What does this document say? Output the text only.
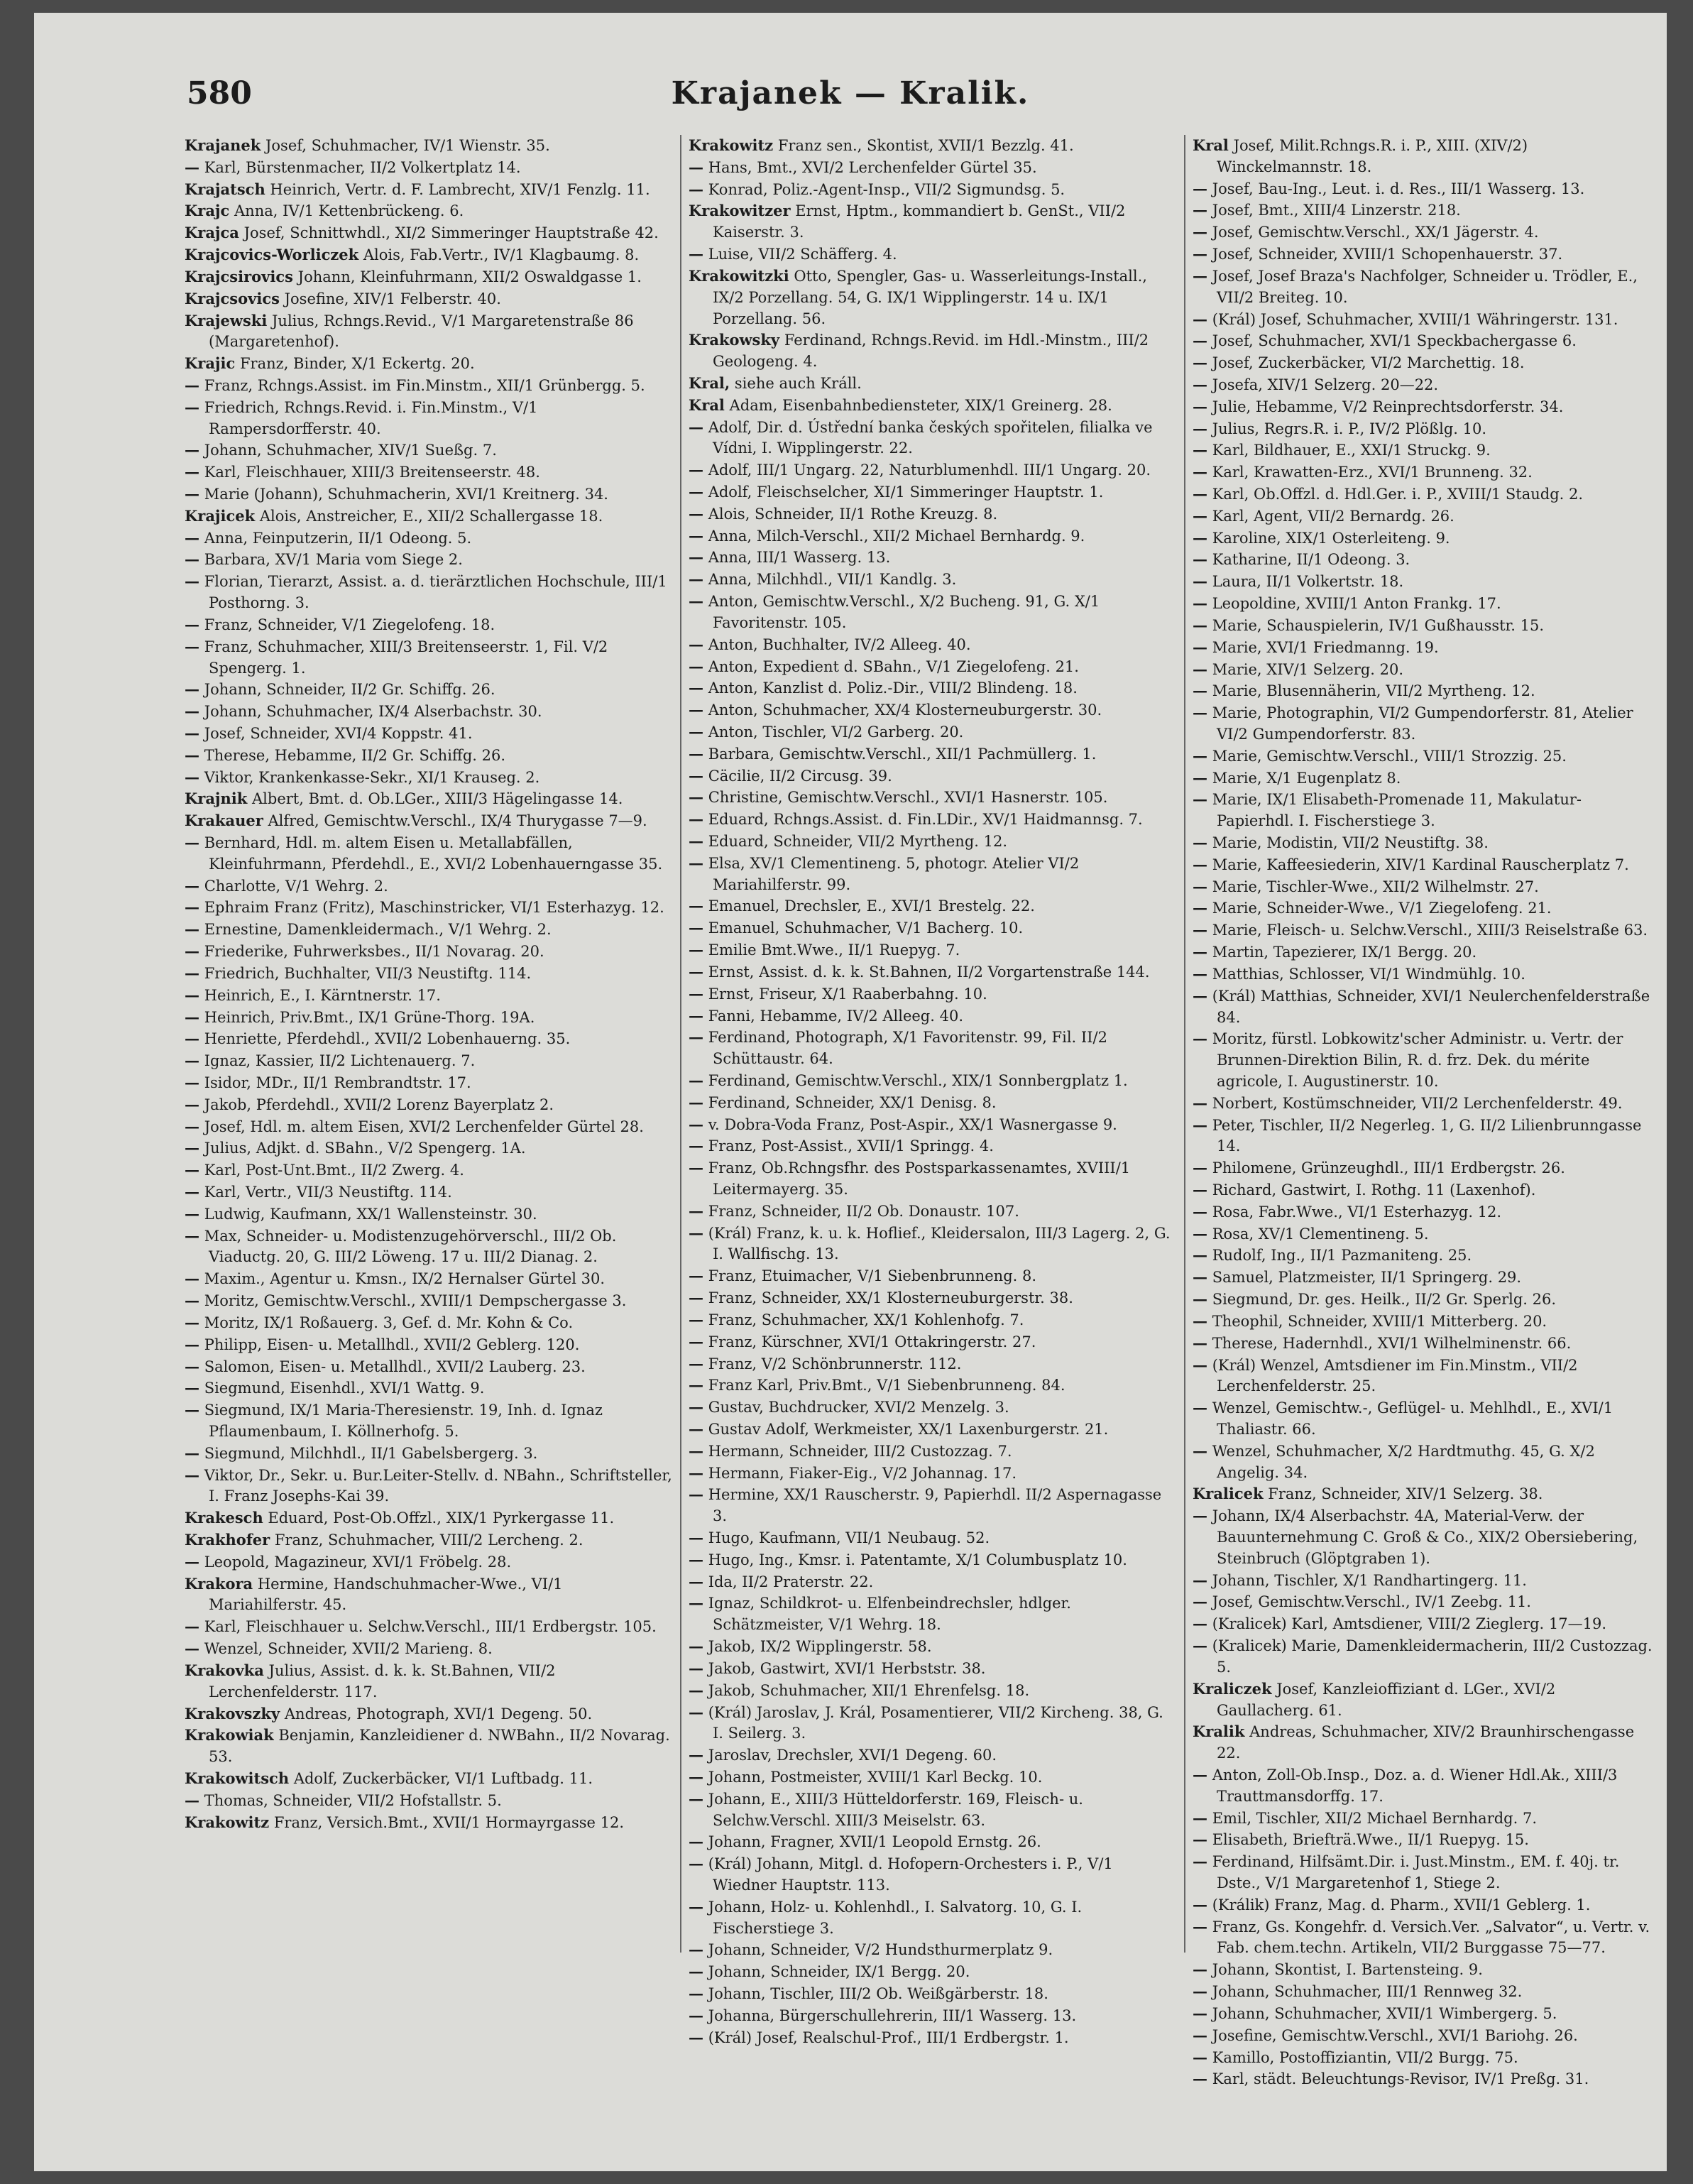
580	Krajanek — Kralik.
Krajanek Josef, Schuhmacher, IV/1 Wienstr. 35.
— Karl, Bürstenmacher, II/2 Volkertplatz 14.
Krajatsch Heinrich, Vertr. d. F. Lambrecht, XIV/1 Fenzlg. 11.
Krajc Anna, IV/1 Kettenbrückeng. 6.
Krajca Josef, Schnittwhdl., XI/2 Simmeringer Hauptstraße 42.
Krajcovics-Worliczek Alois, Fab.Vertr., IV/1 Klagbaumg. 8.
Krajcsirovics Johann, Kleinfuhrmann, XII/2 Oswaldgasse 1.
Krajcsovics Josefine, XIV/1 Felberstr. 40.
Krajewski Julius, Rchngs.Revid., V/1 Margaretenstraße 86 (Margaretenhof).
Krajic Franz, Binder, X/1 Eckertg. 20.
— Franz, Rchngs.Assist. im Fin.Minstm., XII/1 Grünbergg. 5.
— Friedrich, Rchngs.Revid. i. Fin.Minstm., V/1 Rampersdorfferstr. 40.
— Johann, Schuhmacher, XIV/1 Sueßg. 7.
— Karl, Fleischhauer, XIII/3 Breitenseerstr. 48.
— Marie (Johann), Schuhmacherin, XVI/1 Kreitnerg. 34.
Krajicek Alois, Anstreicher, E., XII/2 Schallergasse 18.
— Anna, Feinputzerin, II/1 Odeong. 5.
— Barbara, XV/1 Maria vom Siege 2.
— Florian, Tierarzt, Assist. a. d. tierärztlichen Hochschule, III/1 Posthorng. 3.
— Franz, Schneider, V/1 Ziegelofeng. 18.
— Franz, Schuhmacher, XIII/3 Breitenseerstr. 1, Fil. V/2 Spengerg. 1.
— Johann, Schneider, II/2 Gr. Schiffg. 26.
— Johann, Schuhmacher, IX/4 Alserbachstr. 30.
— Josef, Schneider, XVI/4 Koppstr. 41.
— Therese, Hebamme, II/2 Gr. Schiffg. 26.
— Viktor, Krankenkasse-Sekr., XI/1 Krauseg. 2.
Krajnik Albert, Bmt. d. Ob.LGer., XIII/3 Hägelingasse 14.
Krakauer Alfred, Gemischtw.Verschl., IX/4 Thurygasse 7—9.
— Bernhard, Hdl. m. altem Eisen u. Metallabfällen, Kleinfuhrmann, Pferdehdl., E., XVI/2 Lobenhauerngasse 35.
— Charlotte, V/1 Wehrg. 2.
— Ephraim Franz (Fritz), Maschinstricker, VI/1 Esterhazyg. 12.
— Ernestine, Damenkleidermach., V/1 Wehrg. 2.
— Friederike, Fuhrwerksbes., II/1 Novarag. 20.
— Friedrich, Buchhalter, VII/3 Neustiftg. 114.
— Heinrich, E., I. Kärntnerstr. 17.
— Heinrich, Priv.Bmt., IX/1 Grüne-Thorg. 19A.
— Henriette, Pferdehdl., XVII/2 Lobenhauerng. 35.
— Ignaz, Kassier, II/2 Lichtenauerg. 7.
— Isidor, MDr., II/1 Rembrandtstr. 17.
— Jakob, Pferdehdl., XVII/2 Lorenz Bayerplatz 2.
— Josef, Hdl. m. altem Eisen, XVI/2 Lerchenfelder Gürtel 28.
— Julius, Adjkt. d. SBahn., V/2 Spengerg. 1A.
— Karl, Post-Unt.Bmt., II/2 Zwerg. 4.
— Karl, Vertr., VII/3 Neustiftg. 114.
— Ludwig, Kaufmann, XX/1 Wallensteinstr. 30.
— Max, Schneider- u. Modistenzugehörverschl., III/2 Ob. Viaductg. 20, G. III/2 Löweng. 17 u. III/2 Dianag. 2.
— Maxim., Agentur u. Kmsn., IX/2 Hernalser Gürtel 30.
— Moritz, Gemischtw.Verschl., XVIII/1 Dempschergasse 3.
— Moritz, IX/1 Roßauerg. 3, Gef. d. Mr. Kohn & Co.
— Philipp, Eisen- u. Metallhdl., XVII/2 Geblerg. 120.
— Salomon, Eisen- u. Metallhdl., XVII/2 Lauberg. 23.
— Siegmund, Eisenhdl., XVI/1 Wattg. 9.
— Siegmund, IX/1 Maria-Theresienstr. 19, Inh. d. Ignaz Pflaumenbaum, I. Köllnerhofg. 5.
— Siegmund, Milchhdl., II/1 Gabelsbergerg. 3.
— Viktor, Dr., Sekr. u. Bur.Leiter-Stellv. d. NBahn., Schriftsteller, I. Franz Josephs-Kai 39.
Krakesch Eduard, Post-Ob.Offzl., XIX/1 Pyrkergasse 11.
Krakhofer Franz, Schuhmacher, VIII/2 Lercheng. 2.
— Leopold, Magazineur, XVI/1 Fröbelg. 28.
Krakora Hermine, Handschuhmacher-Wwe., VI/1 Mariahilferstr. 45.
— Karl, Fleischhauer u. Selchw.Verschl., III/1 Erdbergstr. 105.
— Wenzel, Schneider, XVII/2 Marieng. 8.
Krakovka Julius, Assist. d. k. k. St.Bahnen, VII/2 Lerchenfelderstr. 117.
Krakovszky Andreas, Photograph, XVI/1 Degeng. 50.
Krakowiak Benjamin, Kanzleidiener d. NWBahn., II/2 Novarag. 53.
Krakowitsch Adolf, Zuckerbäcker, VI/1 Luftbadg. 11.
— Thomas, Schneider, VII/2 Hofstallstr. 5.
Krakowitz Franz, Versich.Bmt., XVII/1 Hormayrgasse 12.
Krakowitz Franz sen., Skontist, XVII/1 Bezzlg. 41.
— Hans, Bmt., XVI/2 Lerchenfelder Gürtel 35.
— Konrad, Poliz.-Agent-Insp., VII/2 Sigmundsg. 5.
Krakowitzer Ernst, Hptm., kommandiert b. GenSt., VII/2 Kaiserstr. 3.
— Luise, VII/2 Schäfferg. 4.
Krakowitzki Otto, Spengler, Gas- u. Wasserleitungs-Install., IX/2 Porzellang. 54, G. IX/1 Wipplingerstr. 14 u. IX/1 Porzellang. 56.
Krakowsky Ferdinand, Rchngs.Revid. im Hdl.-Minstm., III/2 Geologeng. 4.
Kral, siehe auch Králl.
Kral Adam, Eisenbahnbediensteter, XIX/1 Greinerg. 28.
— Adolf, Dir. d. Ústřední banka českých spořitelen, filialka ve Vídni, I. Wipplingerstr. 22.
— Adolf, III/1 Ungarg. 22, Naturblumenhdl. III/1 Ungarg. 20.
— Adolf, Fleischselcher, XI/1 Simmeringer Hauptstr. 1.
— Alois, Schneider, II/1 Rothe Kreuzg. 8.
— Anna, Milch-Verschl., XII/2 Michael Bernhardg. 9.
— Anna, III/1 Wasserg. 13.
— Anna, Milchhdl., VII/1 Kandlg. 3.
— Anton, Gemischtw.Verschl., X/2 Bucheng. 91, G. X/1 Favoritenstr. 105.
— Anton, Buchhalter, IV/2 Alleeg. 40.
— Anton, Expedient d. SBahn., V/1 Ziegelofeng. 21.
— Anton, Kanzlist d. Poliz.-Dir., VIII/2 Blindeng. 18.
— Anton, Schuhmacher, XX/4 Klosterneuburgerstr. 30.
— Anton, Tischler, VI/2 Garberg. 20.
— Barbara, Gemischtw.Verschl., XII/1 Pachmüllerg. 1.
— Cäcilie, II/2 Circusg. 39.
— Christine, Gemischtw.Verschl., XVI/1 Hasnerstr. 105.
— Eduard, Rchngs.Assist. d. Fin.LDir., XV/1 Haidmannsg. 7.
— Eduard, Schneider, VII/2 Myrtheng. 12.
— Elsa, XV/1 Clementineng. 5, photogr. Atelier VI/2 Mariahilferstr. 99.
— Emanuel, Drechsler, E., XVI/1 Brestelg. 22.
— Emanuel, Schuhmacher, V/1 Bacherg. 10.
— Emilie Bmt.Wwe., II/1 Ruepyg. 7.
— Ernst, Assist. d. k. k. St.Bahnen, II/2 Vorgartenstraße 144.
— Ernst, Friseur, X/1 Raaberbahng. 10.
— Fanni, Hebamme, IV/2 Alleeg. 40.
— Ferdinand, Photograph, X/1 Favoritenstr. 99, Fil. II/2 Schüttaustr. 64.
— Ferdinand, Gemischtw.Verschl., XIX/1 Sonnbergplatz 1.
— Ferdinand, Schneider, XX/1 Denisg. 8.
— v. Dobra-Voda Franz, Post-Aspir., XX/1 Wasnergasse 9.
— Franz, Post-Assist., XVII/1 Springg. 4.
— Franz, Ob.Rchngsfhr. des Postsparkassenamtes, XVIII/1 Leitermayerg. 35.
— Franz, Schneider, II/2 Ob. Donaustr. 107.
— (Král) Franz, k. u. k. Hoflief., Kleidersalon, III/3 Lagerg. 2, G. I. Wallfischg. 13.
— Franz, Etuimacher, V/1 Siebenbrunneng. 8.
— Franz, Schneider, XX/1 Klosterneuburgerstr. 38.
— Franz, Schuhmacher, XX/1 Kohlenhofg. 7.
— Franz, Kürschner, XVI/1 Ottakringerstr. 27.
— Franz, V/2 Schönbrunnerstr. 112.
— Franz Karl, Priv.Bmt., V/1 Siebenbrunneng. 84.
— Gustav, Buchdrucker, XVI/2 Menzelg. 3.
— Gustav Adolf, Werkmeister, XX/1 Laxenburgerstr. 21.
— Hermann, Schneider, III/2 Custozzag. 7.
— Hermann, Fiaker-Eig., V/2 Johannag. 17.
— Hermine, XX/1 Rauscherstr. 9, Papierhdl. II/2 Aspernagasse 3.
— Hugo, Kaufmann, VII/1 Neubaug. 52.
— Hugo, Ing., Kmsr. i. Patentamte, X/1 Columbusplatz 10.
— Ida, II/2 Praterstr. 22.
— Ignaz, Schildkrot- u. Elfenbeindrechsler, hdlger. Schätzmeister, V/1 Wehrg. 18.
— Jakob, IX/2 Wipplingerstr. 58.
— Jakob, Gastwirt, XVI/1 Herbststr. 38.
— Jakob, Schuhmacher, XII/1 Ehrenfelsg. 18.
— (Král) Jaroslav, J. Král, Posamentierer, VII/2 Kircheng. 38, G. I. Seilerg. 3.
— Jaroslav, Drechsler, XVI/1 Degeng. 60.
— Johann, Postmeister, XVIII/1 Karl Beckg. 10.
— Johann, E., XIII/3 Hütteldorferstr. 169, Fleisch- u. Selchw.Verschl. XIII/3 Meiselstr. 63.
— Johann, Fragner, XVII/1 Leopold Ernstg. 26.
— (Král) Johann, Mitgl. d. Hofopern-Orchesters i. P., V/1 Wiedner Hauptstr. 113.
— Johann, Holz- u. Kohlenhdl., I. Salvatorg. 10, G. I. Fischerstiege 3.
— Johann, Schneider, V/2 Hundsthurmerplatz 9.
— Johann, Schneider, IX/1 Bergg. 20.
— Johann, Tischler, III/2 Ob. Weißgärberstr. 18.
— Johanna, Bürgerschullehrerin, III/1 Wasserg. 13.
— (Král) Josef, Realschul-Prof., III/1 Erdbergstr. 1.
Kral Josef, Milit.Rchngs.R. i. P., XIII. (XIV/2) Winckelmannstr. 18.
— Josef, Bau-Ing., Leut. i. d. Res., III/1 Wasserg. 13.
— Josef, Bmt., XIII/4 Linzerstr. 218.
— Josef, Gemischtw.Verschl., XX/1 Jägerstr. 4.
— Josef, Schneider, XVIII/1 Schopenhauerstr. 37.
— Josef, Josef Braza's Nachfolger, Schneider u. Trödler, E., VII/2 Breiteg. 10.
— (Král) Josef, Schuhmacher, XVIII/1 Währingerstr. 131.
— Josef, Schuhmacher, XVI/1 Speckbachergasse 6.
— Josef, Zuckerbäcker, VI/2 Marchettig. 18.
— Josefa, XIV/1 Selzerg. 20—22.
— Julie, Hebamme, V/2 Reinprechtsdorferstr. 34.
— Julius, Regrs.R. i. P., IV/2 Plößlg. 10.
— Karl, Bildhauer, E., XXI/1 Struckg. 9.
— Karl, Krawatten-Erz., XVI/1 Brunneng. 32.
— Karl, Ob.Offzl. d. Hdl.Ger. i. P., XVIII/1 Staudg. 2.
— Karl, Agent, VII/2 Bernardg. 26.
— Karoline, XIX/1 Osterleiteng. 9.
— Katharine, II/1 Odeong. 3.
— Laura, II/1 Volkertstr. 18.
— Leopoldine, XVIII/1 Anton Frankg. 17.
— Marie, Schauspielerin, IV/1 Gußhausstr. 15.
— Marie, XVI/1 Friedmanng. 19.
— Marie, XIV/1 Selzerg. 20.
— Marie, Blusennäherin, VII/2 Myrtheng. 12.
— Marie, Photographin, VI/2 Gumpendorferstr. 81, Atelier VI/2 Gumpendorferstr. 83.
— Marie, Gemischtw.Verschl., VIII/1 Strozzig. 25.
— Marie, X/1 Eugenplatz 8.
— Marie, IX/1 Elisabeth-Promenade 11, Makulatur-Papierhdl. I. Fischerstiege 3.
— Marie, Modistin, VII/2 Neustiftg. 38.
— Marie, Kaffeesiederin, XIV/1 Kardinal Rauscherplatz 7.
— Marie, Tischler-Wwe., XII/2 Wilhelmstr. 27.
— Marie, Schneider-Wwe., V/1 Ziegelofeng. 21.
— Marie, Fleisch- u. Selchw.Verschl., XIII/3 Reiselstraße 63.
— Martin, Tapezierer, IX/1 Bergg. 20.
— Matthias, Schlosser, VI/1 Windmühlg. 10.
— (Král) Matthias, Schneider, XVI/1 Neulerchenfelderstraße 84.
— Moritz, fürstl. Lobkowitz'scher Administr. u. Vertr. der Brunnen-Direktion Bilin, R. d. frz. Dek. du mérite agricole, I. Augustinerstr. 10.
— Norbert, Kostümschneider, VII/2 Lerchenfelderstr. 49.
— Peter, Tischler, II/2 Negerleg. 1, G. II/2 Lilienbrunngasse 14.
— Philomene, Grünzeughdl., III/1 Erdbergstr. 26.
— Richard, Gastwirt, I. Rothg. 11 (Laxenhof).
— Rosa, Fabr.Wwe., VI/1 Esterhazyg. 12.
— Rosa, XV/1 Clementineng. 5.
— Rudolf, Ing., II/1 Pazmaniteng. 25.
— Samuel, Platzmeister, II/1 Springerg. 29.
— Siegmund, Dr. ges. Heilk., II/2 Gr. Sperlg. 26.
— Theophil, Schneider, XVIII/1 Mitterberg. 20.
— Therese, Hadernhdl., XVI/1 Wilhelminenstr. 66.
— (Král) Wenzel, Amtsdiener im Fin.Minstm., VII/2 Lerchenfelderstr. 25.
— Wenzel, Gemischtw.-, Geflügel- u. Mehlhdl., E., XVI/1 Thaliastr. 66.
— Wenzel, Schuhmacher, X/2 Hardtmuthg. 45, G. X/2 Angelig. 34.
Kralicek Franz, Schneider, XIV/1 Selzerg. 38.
— Johann, IX/4 Alserbachstr. 4A, Material-Verw. der Bauunternehmung C. Groß & Co., XIX/2 Obersiebering, Steinbruch (Glöptgraben 1).
— Johann, Tischler, X/1 Randhartingerg. 11.
— Josef, Gemischtw.Verschl., IV/1 Zeebg. 11.
— (Kralicek) Karl, Amtsdiener, VIII/2 Zieglerg. 17—19.
— (Kralicek) Marie, Damenkleidermacherin, III/2 Custozzag. 5.
Kraliczek Josef, Kanzleioffiziant d. LGer., XVI/2 Gaullacherg. 61.
Kralik Andreas, Schuhmacher, XIV/2 Braunhirschengasse 22.
— Anton, Zoll-Ob.Insp., Doz. a. d. Wiener Hdl.Ak., XIII/3 Trauttmansdorffg. 17.
— Emil, Tischler, XII/2 Michael Bernhardg. 7.
— Elisabeth, Briefträ.Wwe., II/1 Ruepyg. 15.
— Ferdinand, Hilfsämt.Dir. i. Just.Minstm., EM. f. 40j. tr. Dste., V/1 Margaretenhof 1, Stiege 2.
— (Králik) Franz, Mag. d. Pharm., XVII/1 Geblerg. 1.
— Franz, Gs. Kongehfr. d. Versich.Ver. „Salvator“, u. Vertr. v. Fab. chem.techn. Artikeln, VII/2 Burggasse 75—77.
— Johann, Skontist, I. Bartensteing. 9.
— Johann, Schuhmacher, III/1 Rennweg 32.
— Johann, Schuhmacher, XVII/1 Wimbergerg. 5.
— Josefine, Gemischtw.Verschl., XVI/1 Bariohg. 26.
— Kamillo, Postoffiziantin, VII/2 Burgg. 75.
— Karl, städt. Beleuchtungs-Revisor, IV/1 Preßg. 31.
